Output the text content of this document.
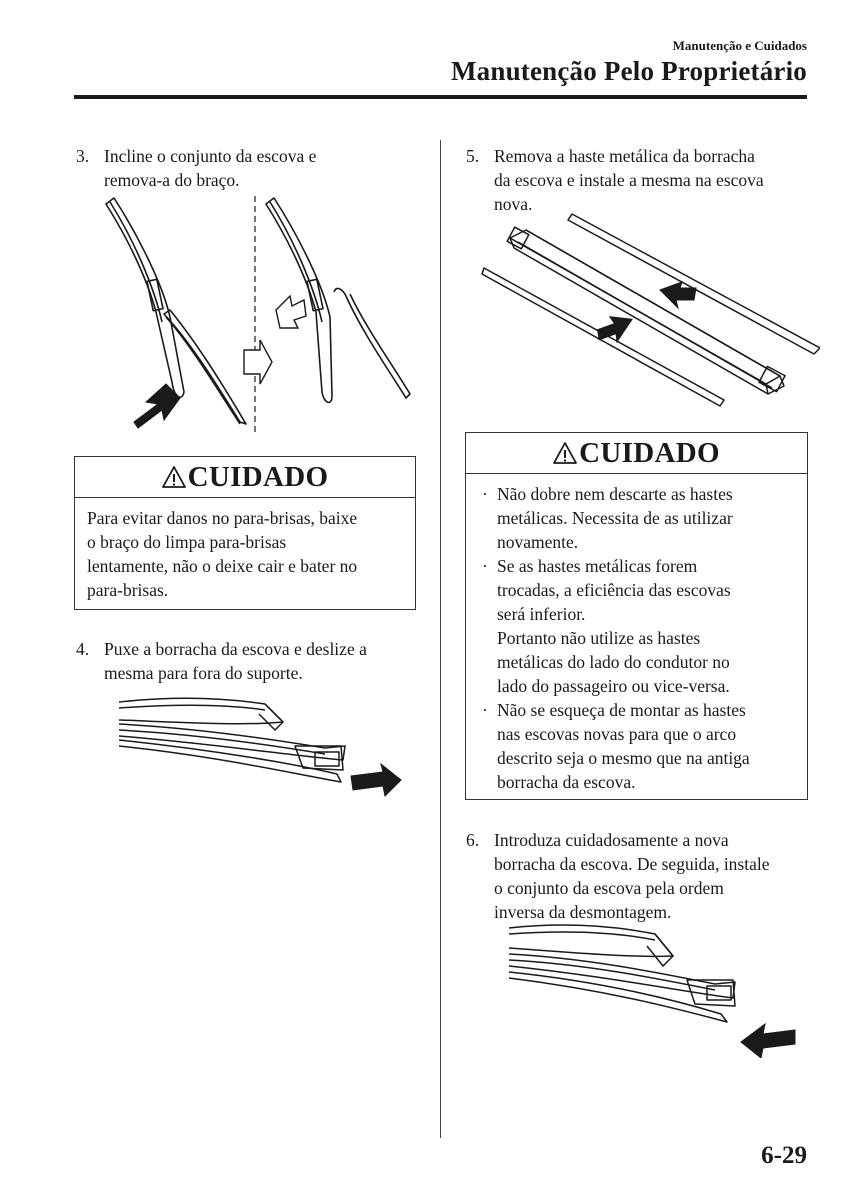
Manutenção e Cuidados
Manutenção Pelo Proprietário
3. Incline o conjunto da escova e
remova-a do braço.
CUIDADO
Para evitar danos no para-brisas, baixe
o braço do limpa para-brisas
lentamente, não o deixe cair e bater no
para-brisas.
4. Puxe a borracha da escova e deslize a
mesma para fora do suporte.
5. Remova a haste metálica da borracha
da escova e instale a mesma na escova
nova.
CUIDADO
· Não dobre nem descarte as hastes
metálicas. Necessita de as utilizar
novamente.
· Se as hastes metálicas forem
trocadas, a eficiência das escovas
será inferior.
Portanto não utilize as hastes
metálicas do lado do condutor no
lado do passageiro ou vice-versa.
· Não se esqueça de montar as hastes
nas escovas novas para que o arco
descrito seja o mesmo que na antiga
borracha da escova.
6. Introduza cuidadosamente a nova
borracha da escova. De seguida, instale
o conjunto da escova pela ordem
inversa da desmontagem.
6-29
